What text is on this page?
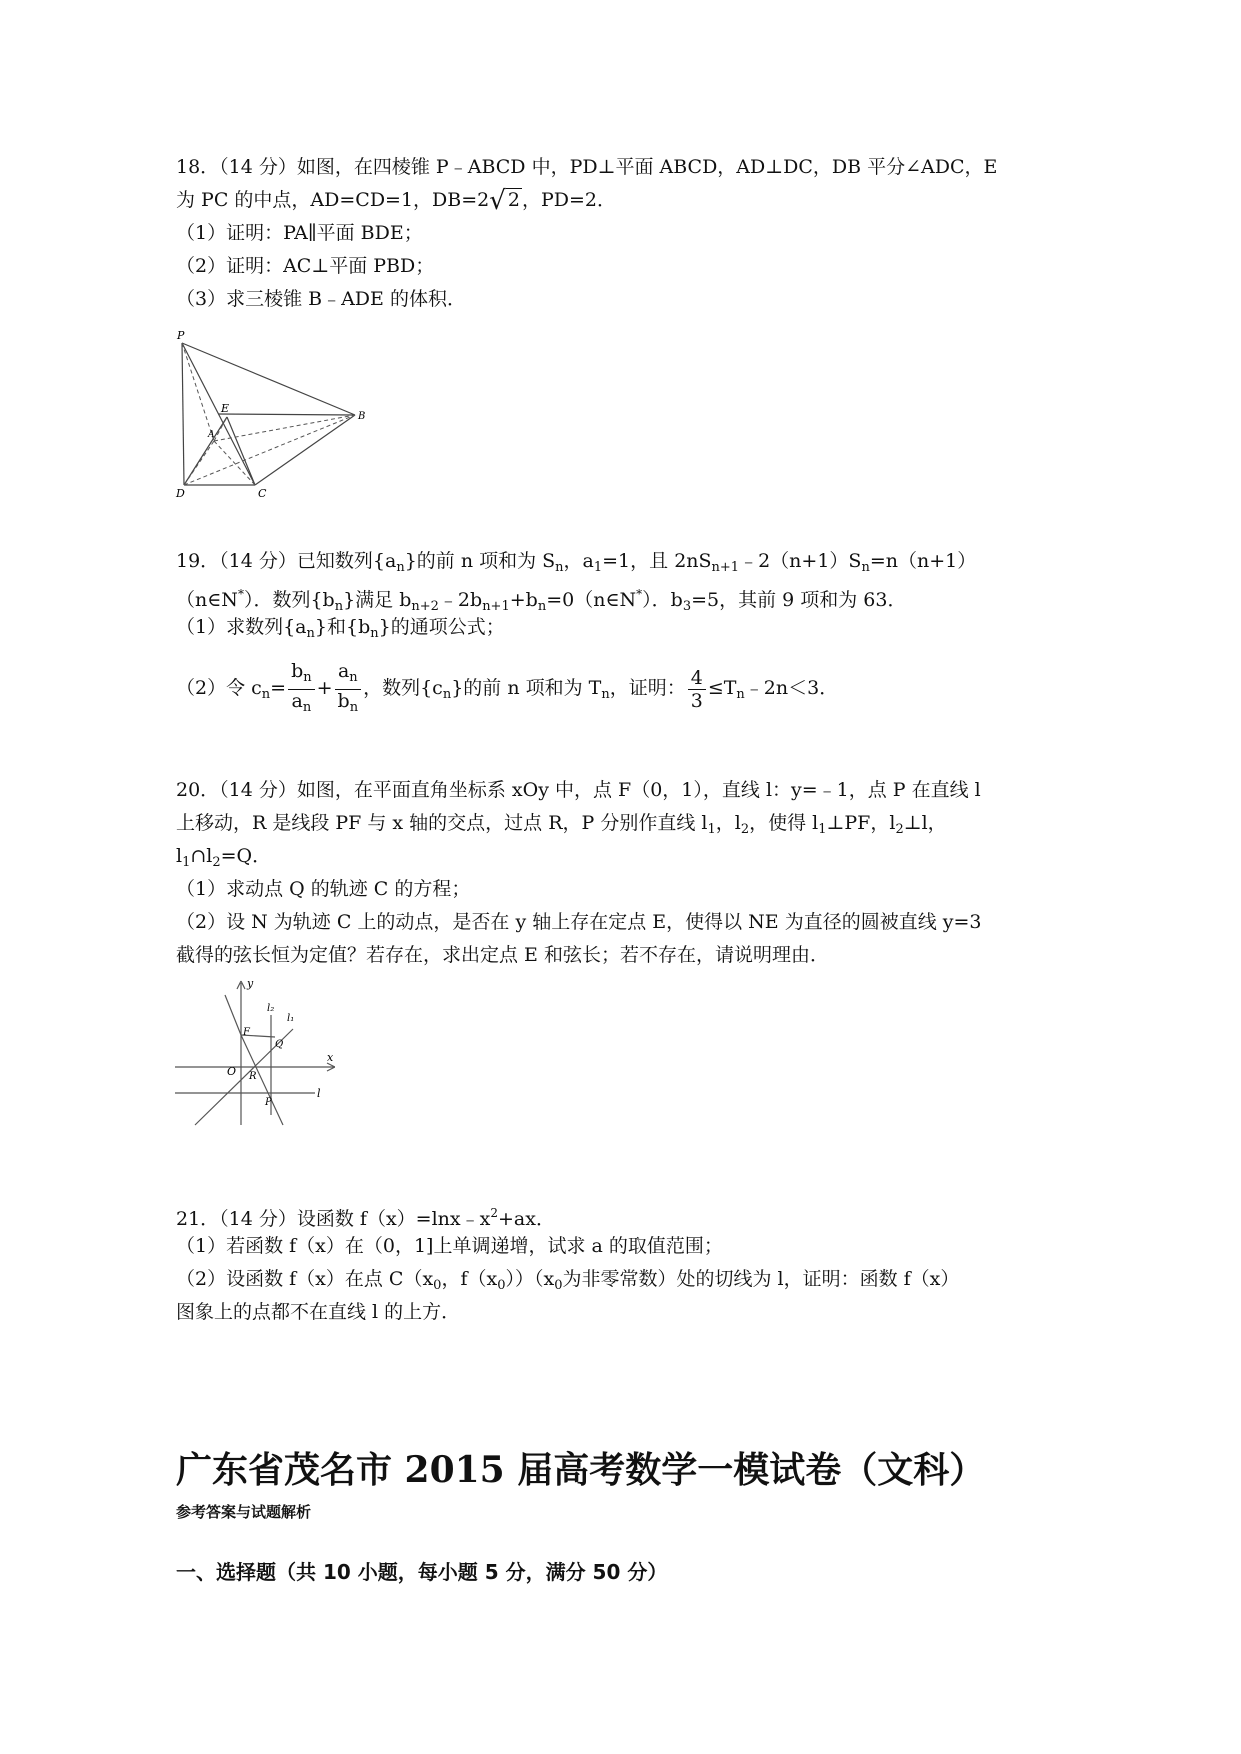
18．（14 分）如图，在四棱锥 P﹣ABCD 中，PD⊥平面 ABCD，AD⊥DC，DB 平分∠ADC，E
为 PC 的中点，AD=CD=1，DB=2√ 2 ，PD=2．
（1）证明：PA∥平面 BDE；
（2）证明：AC⊥平面 PBD；
（3）求三棱锥 B﹣ADE 的体积．
P
E
A
B
D	C
19．（14 分）已知数列$\{a_n\}$的前 n 项和为 $S_n$，$a_1=1$，且 $2nS_{n+1}﹣2(n+1)S_n=n(n+1)$
（n∈N*）．数列$\{b_n\}$满足 $b_{n+2}﹣2b_{n+1}+b_n=0(n\in N^*)$．$b_3=5$，其前 9 项和为 63．
（1）求数列$\{a_n\}$和$\{b_n\}$的通项公式；
（2）令 $c_n= \frac{b_n}{a_n} + \frac{a_n}{b_n}$ ，数列$\{c_n\}$的前 n 项和为 $T_n$，证明： $\frac{4}{3}$ $\le T_n﹣2n<3$．
20．（14 分）如图，在平面直角坐标系 xOy 中，点 F（0，1），直线 l：y=﹣1，点 P 在直线 l
上移动，R 是线段 PF 与 x 轴的交点，过点 R，P 分别作直线 $l_1$，$l_2$，使得 $l_1\perp PF$，$l_2\perp l$，
$l_1\cap l_2=Q$．
（1）求动点 Q 的轨迹 C 的方程；
（2）设 N 为轨迹 C 上的动点，是否在 y 轴上存在定点 E，使得以 NE 为直径的圆被直线 y=3
截得的弦长恒为定值？若存在，求出定点 E 和弦长；若不存在，请说明理由．
y
x
F
O R
Q
P
l
l₁
l₂
21．（14 分）设函数 $f(x)=\ln x﹣x^2+ax$．
（1）若函数 f（x）在（0，1]上单调递增，试求 a 的取值范围；
（2）设函数 f（x）在点 $C(x_0$，$f(x_0))(x_0$为非零常数）处的切线为 l，证明：函数 f（x）
图象上的点都不在直线 l 的上方．
广东省茂名市 2015 届高考数学一模试卷（文科）
参考答案与试题解析
一、选择题（共 10 小题，每小题 5 分，满分 50 分）
